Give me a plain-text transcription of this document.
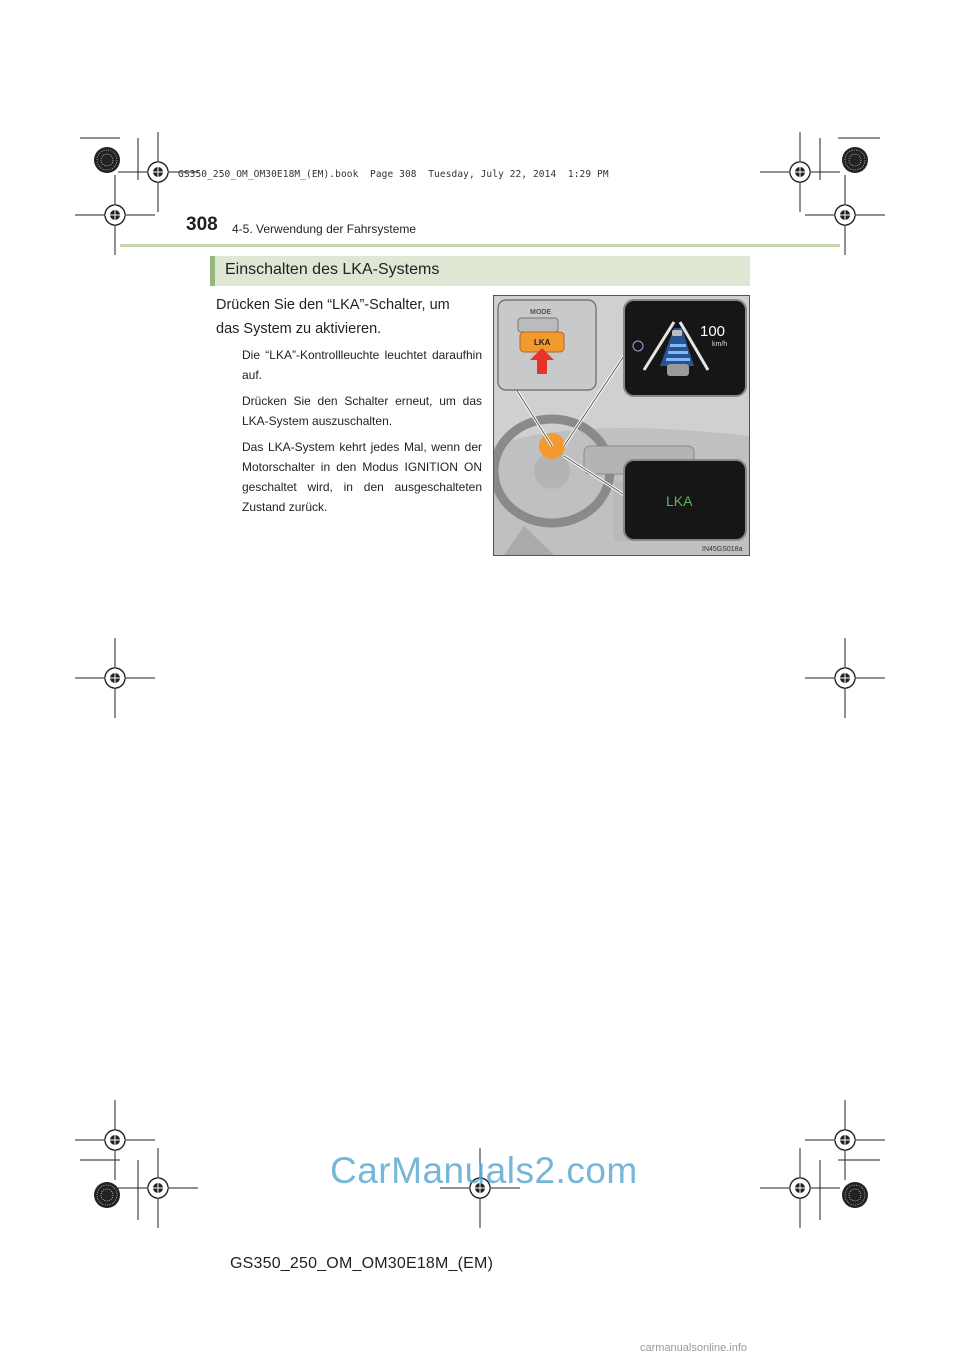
GS350_250_OM_OM30E18M_(EM).book  Page 308  Tuesday, July 22, 2014  1:29 PM
308 4-5. Verwendung der Fahrsysteme
Einschalten des LKA-Systems
Drücken Sie den “LKA”-Schalter, um
das System zu aktivieren.
Die “LKA”-Kontrollleuchte leuchtet daraufhin auf.
Drücken Sie den Schalter erneut, um das LKA-System auszuschalten.
Das LKA-System kehrt jedes Mal, wenn der Motorschalter in den Modus IGNITION ON geschaltet wird, in den ausgeschalteten Zustand zurück.
MODE
LKA
100
km/h
LKA
IN45GS018a
CarManuals2.com
GS350_250_OM_OM30E18M_(EM)
carmanualsonline.info
